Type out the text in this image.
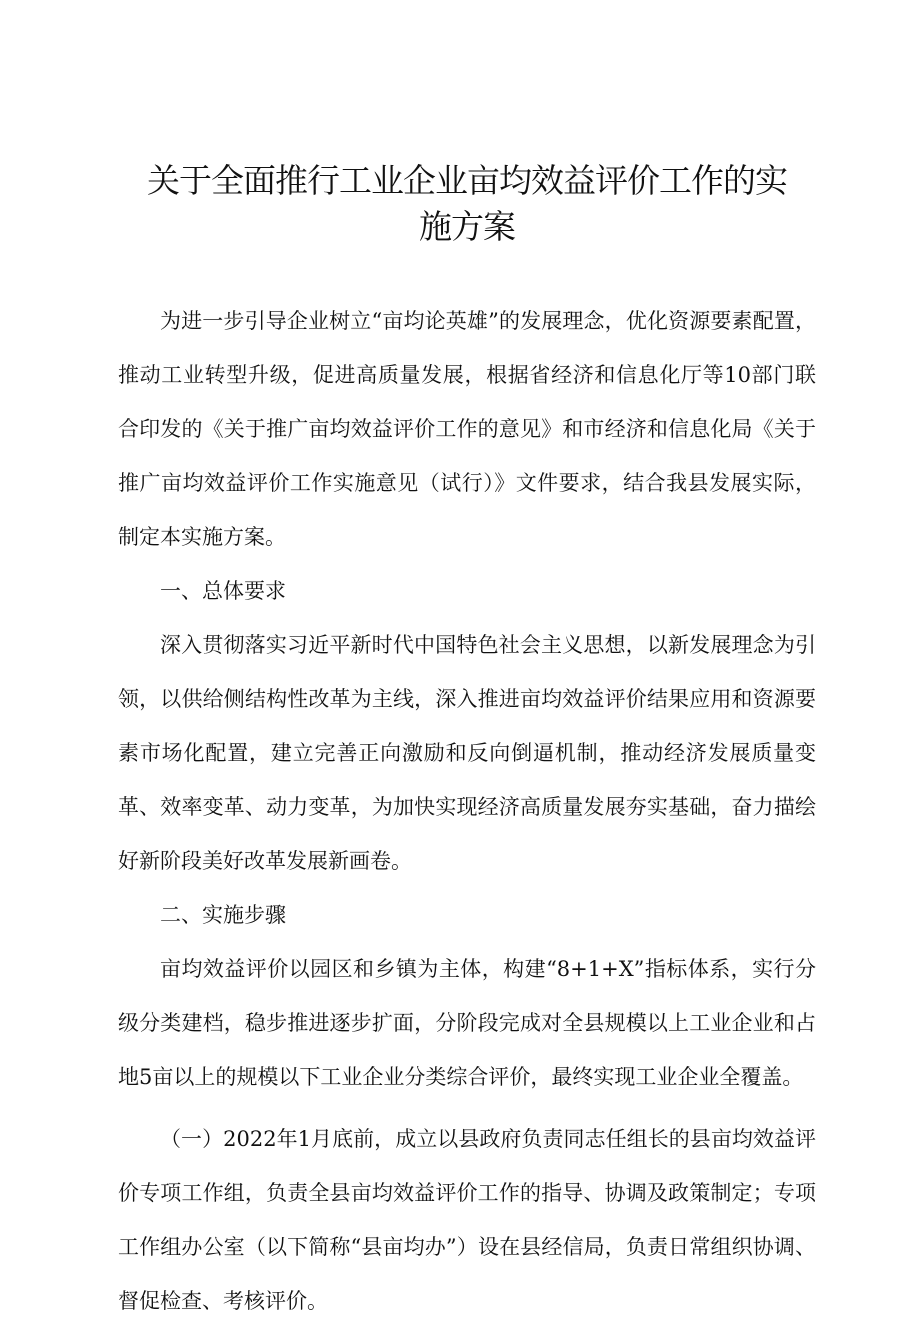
关于全面推行工业企业亩均效益评价工作的实
施方案

为进一步引导企业树立“亩均论英雄”的发展理念，优化资源要素配置，推动工业转型升级，促进高质量发展，根据省经济和信息化厅等10部门联合印发的《关于推广亩均效益评价工作的意见》和市经济和信息化局《关于推广亩均效益评价工作实施意见（试行）》文件要求，结合我县发展实际，制定本实施方案。

一、总体要求

深入贯彻落实习近平新时代中国特色社会主义思想，以新发展理念为引领，以供给侧结构性改革为主线，深入推进亩均效益评价结果应用和资源要素市场化配置，建立完善正向激励和反向倒逼机制，推动经济发展质量变革、效率变革、动力变革，为加快实现经济高质量发展夯实基础，奋力描绘好新阶段美好改革发展新画卷。

二、实施步骤

亩均效益评价以园区和乡镇为主体，构建“8+1+X”指标体系，实行分级分类建档，稳步推进逐步扩面，分阶段完成对全县规模以上工业企业和占地5亩以上的规模以下工业企业分类综合评价，最终实现工业企业全覆盖。

（一）2022年1月底前，成立以县政府负责同志任组长的县亩均效益评价专项工作组，负责全县亩均效益评价工作的指导、协调及政策制定；专项工作组办公室（以下简称“县亩均办”）设在县经信局，负责日常组织协调、督促检查、考核评价。
